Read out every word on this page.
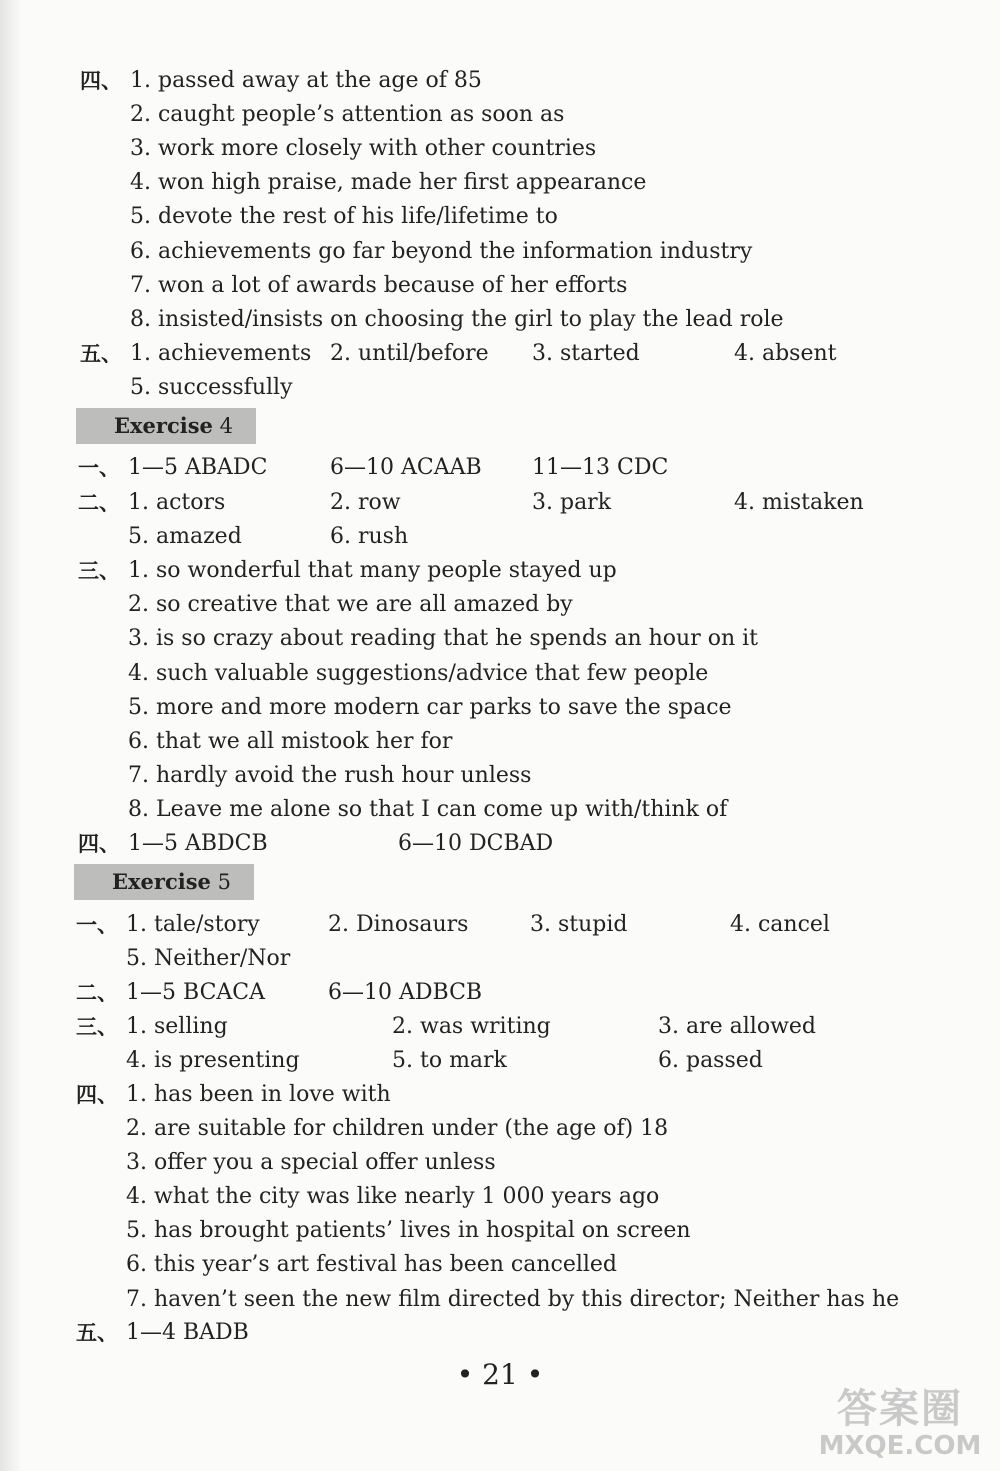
四、 1. passed away at the age of 85
2. caught people’s attention as soon as
3. work more closely with other countries
4. won high praise, made her first appearance
5. devote the rest of his life/lifetime to
6. achievements go far beyond the information industry
7. won a lot of awards because of her efforts
8. insisted/insists on choosing the girl to play the lead role
五、 1. achievements 2. until/before 3. started	4. absent
5. successfully
Exercise 4
一、 1—5 ABADC	6—10 ACAAB 11—13 CDC
二、 1. actors	2. row	3. park	4. mistaken
5. amazed	6. rush
三、 1. so wonderful that many people stayed up
2. so creative that we are all amazed by
3. is so crazy about reading that he spends an hour on it
4. such valuable suggestions/advice that few people
5. more and more modern car parks to save the space
6. that we all mistook her for
7. hardly avoid the rush hour unless
8. Leave me alone so that I can come up with/think of
四、 1—5 ABDCB	6—10 DCBAD
Exercise 5
一、 1. tale/story	2. Dinosaurs	3. stupid	4. cancel
5. Neither/Nor
二、 1—5 BCACA	6—10 ADBCB
三、 1. selling	2. was writing	3. are allowed
4. is presenting	5. to mark	6. passed
四、 1. has been in love with
2. are suitable for children under (the age of) 18
3. offer you a special offer unless
4. what the city was like nearly 1 000 years ago
5. has brought patients’ lives in hospital on screen
6. this year’s art festival has been cancelled
7. haven’t seen the new film directed by this director; Neither has he
五、 1—4 BADB
• 21 •
答案圈
MXQE.COM
